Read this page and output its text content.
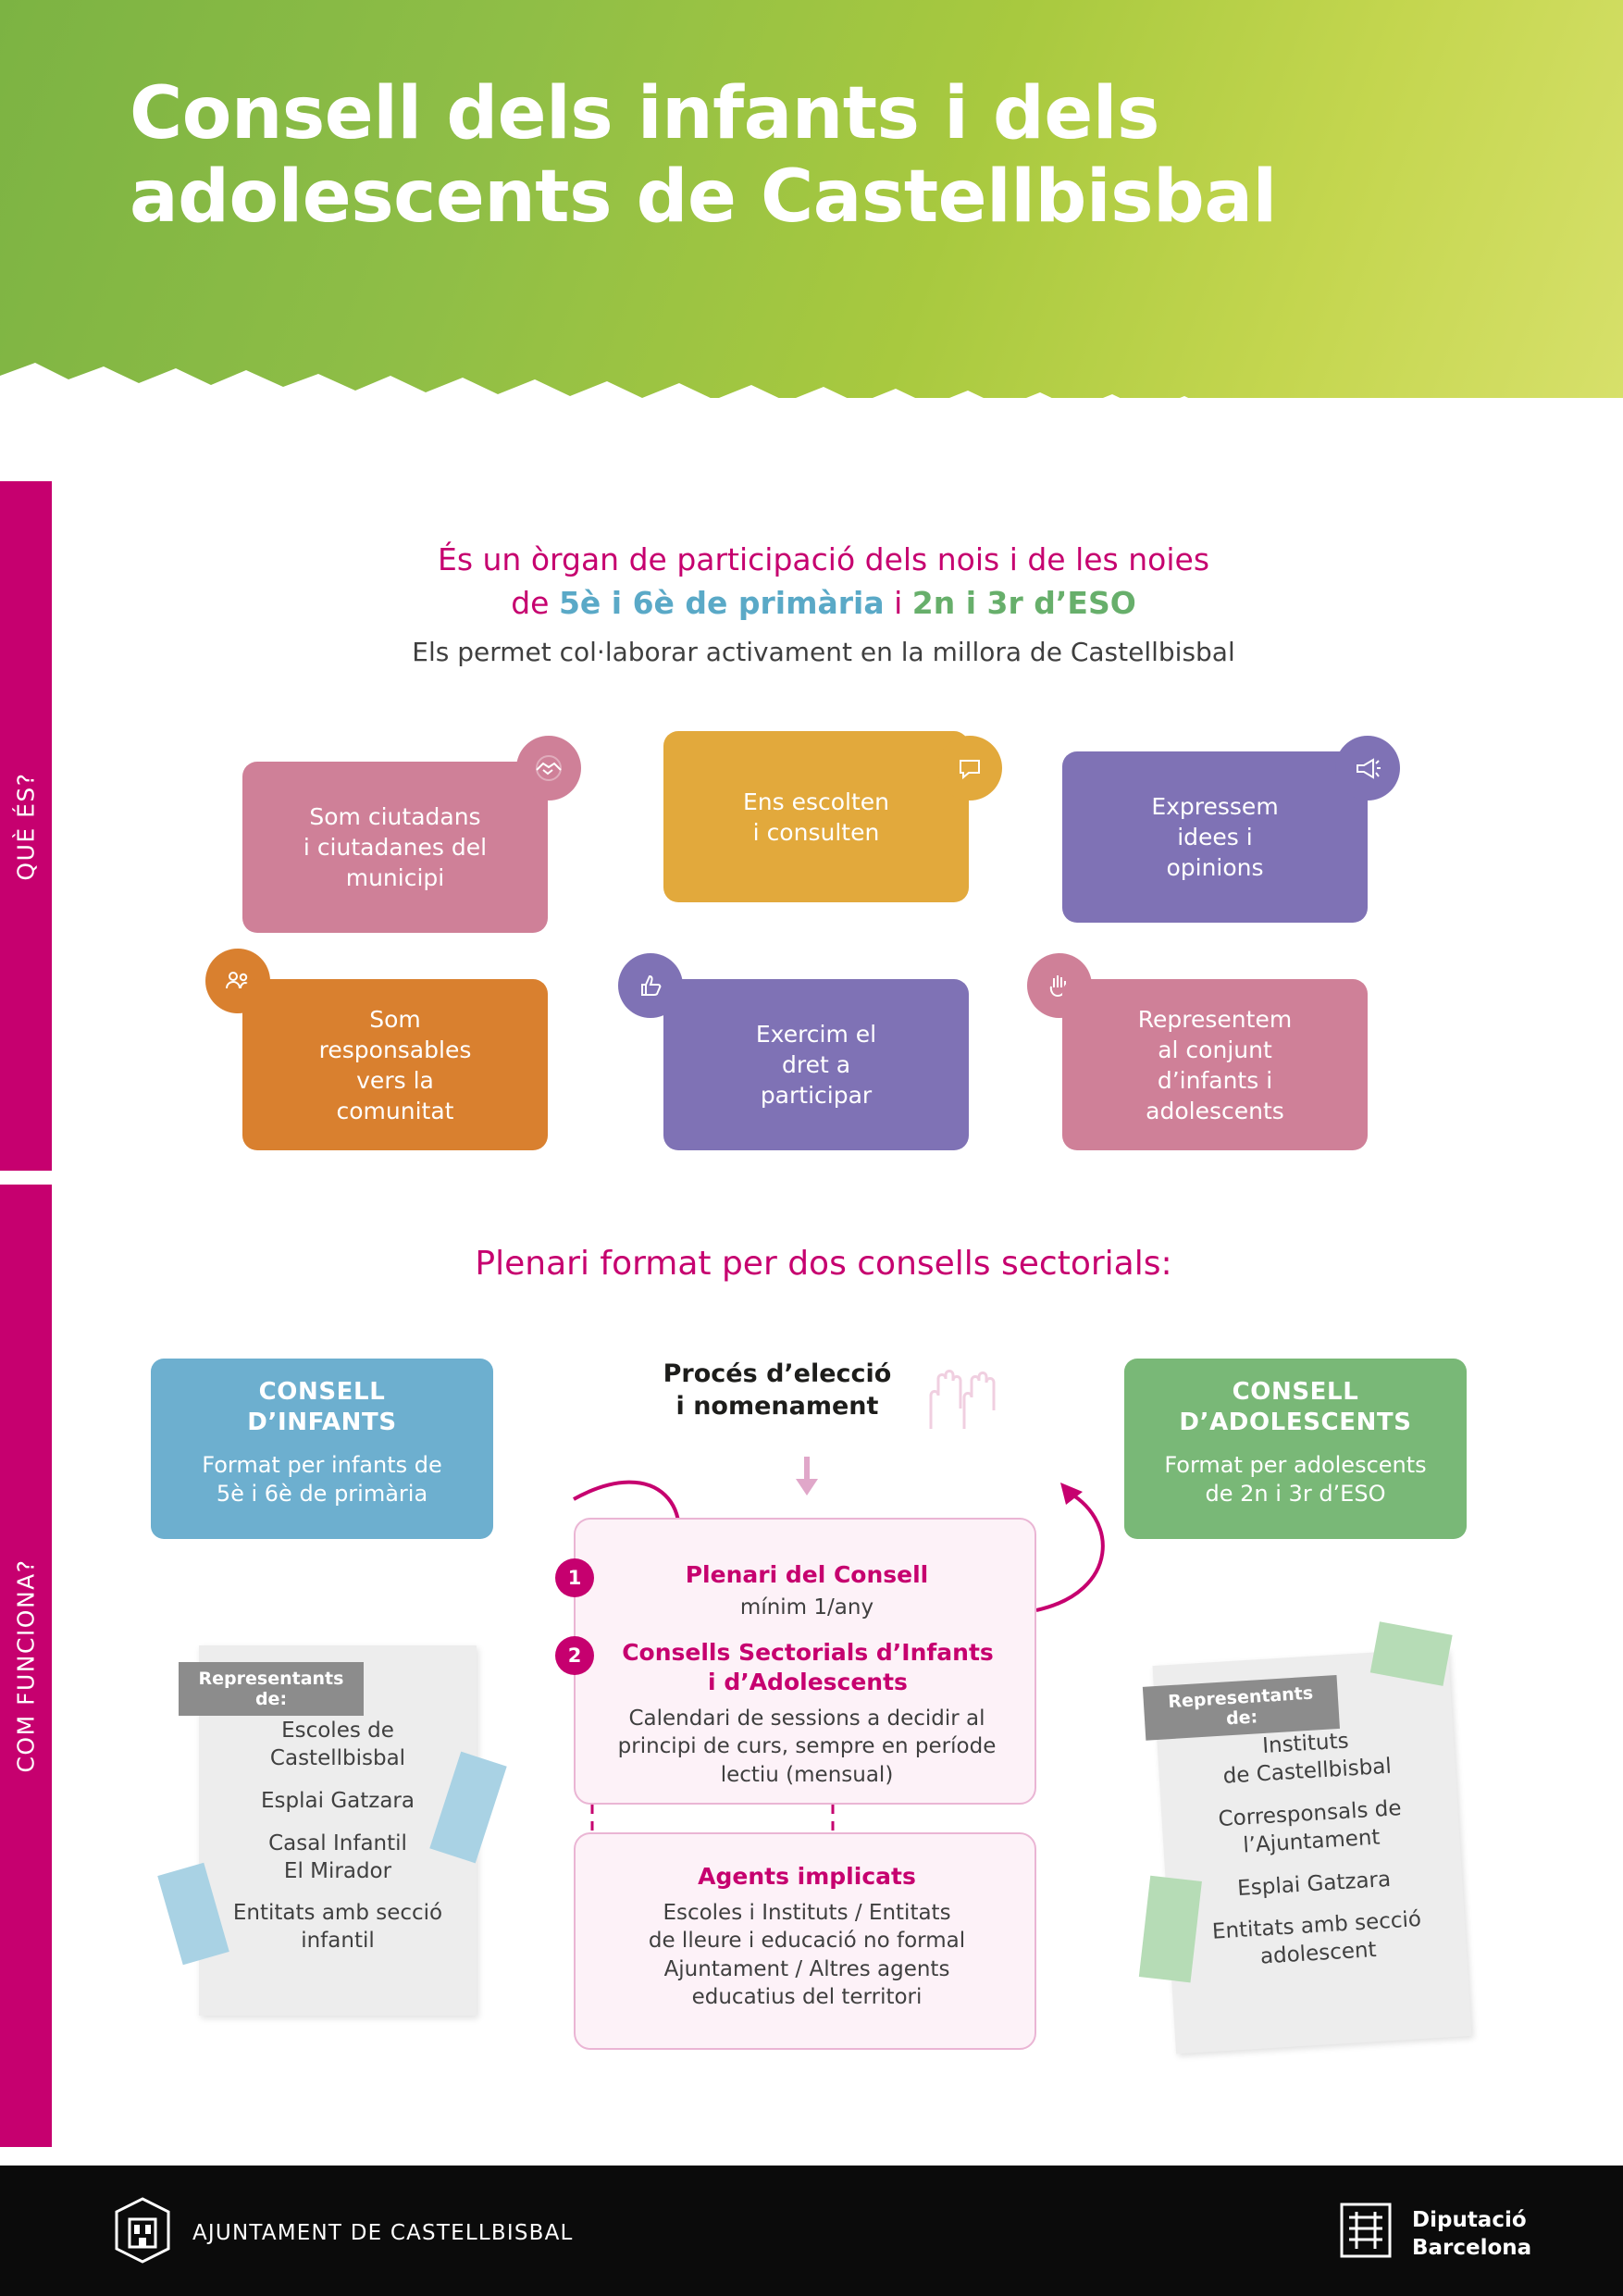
Consell dels infants i dels
adolescents de Castellbisbal
QUÈ ÉS?
COM FUNCIONA?
És un òrgan de participació dels nois i de les noies
de 5è i 6è de primària i 2n i 3r d’ESO
Els permet col·laborar activament en la millora de Castellbisbal
Som ciutadans
i ciutadanes del
municipi
Ens escolten
i consulten
Expressem
idees i
opinions
Som
responsables
vers la
comunitat
Exercim el
dret a
participar
Representem
al conjunt
d’infants i
adolescents
Plenari format per dos consells sectorials:
CONSELL
D’INFANTS
Format per infants de
5è i 6è de primària
CONSELL
D’ADOLESCENTS
Format per adolescents
de 2n i 3r d’ESO
Procés d’elecció
i nomenament
1	Plenari del Consell
mínim 1/any
2	Consells Sectorials d’Infants
i d’Adolescents
Calendari de sessions a decidir al
principi de curs, sempre en període
lectiu (mensual)
Agents implicats
Escoles i Instituts / Entitats
de lleure i educació no formal
Ajuntament / Altres agents
educatius del territori
Representants de:
Escoles de
Castellbisbal
Esplai Gatzara
Casal Infantil
El Mirador
Entitats amb secció
infantil
Representants de:
Instituts
de Castellbisbal
Corresponsals de
l’Ajuntament
Esplai Gatzara
Entitats amb secció
adolescent
AJUNTAMENT DE CASTELLBISBAL
Diputació
Barcelona
